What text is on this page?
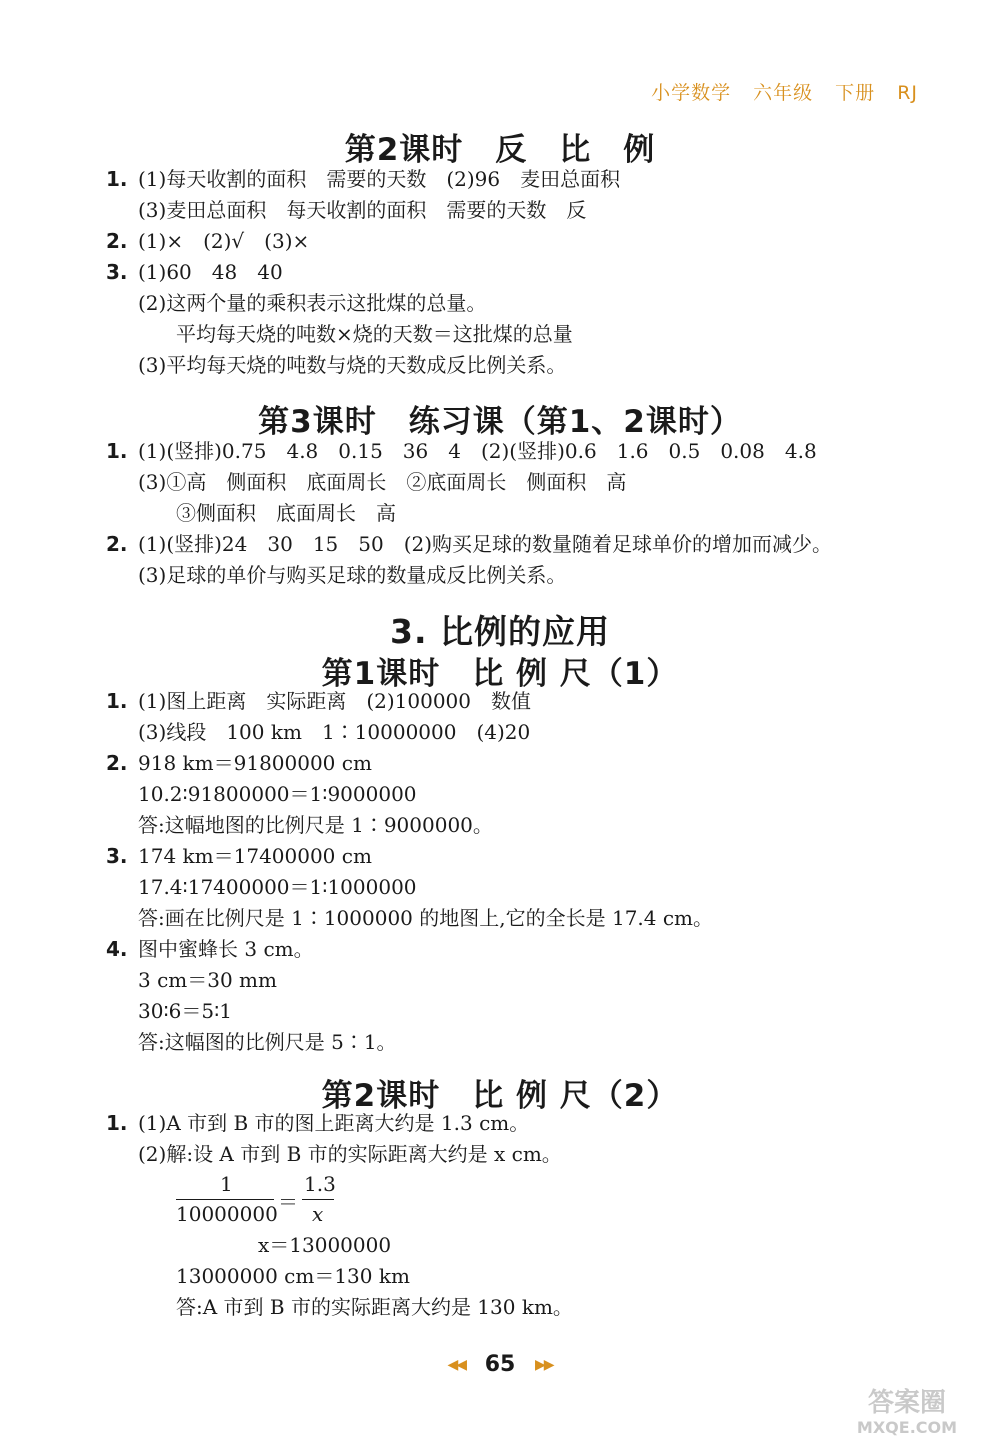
小学数学 六年级 下册 RJ
第2课时　反　比　例
1. (1)每天收割的面积　需要的天数　(2)96　麦田总面积
(3)麦田总面积　每天收割的面积　需要的天数　反
2. (1)×　(2)√　(3)×
3. (1)60　48　40
(2)这两个量的乘积表示这批煤的总量。
平均每天烧的吨数×烧的天数＝这批煤的总量
(3)平均每天烧的吨数与烧的天数成反比例关系。
第3课时　练习课（第1、2课时）
1. (1)(竖排)0.75　4.8　0.15　36　4　(2)(竖排)0.6　1.6　0.5　0.08　4.8
(3)①高　侧面积　底面周长　②底面周长　侧面积　高
③侧面积　底面周长　高
2. (1)(竖排)24　30　15　50　(2)购买足球的数量随着足球单价的增加而减少。
(3)足球的单价与购买足球的数量成反比例关系。
3. 比例的应用
第1课时　比 例 尺（1）
1. (1)图上距离　实际距离　(2)100000　数值
(3)线段　100 km　1∶10000000　(4)20
2. 918 km＝91800000 cm
10.2∶91800000＝1∶9000000
答:这幅地图的比例尺是 1∶9000000。
3. 174 km＝17400000 cm
17.4∶17400000＝1∶1000000
答:画在比例尺是 1∶1000000 的地图上,它的全长是 17.4 cm。
4. 图中蜜蜂长 3 cm。
3 cm＝30 mm
30∶6＝5∶1
答:这幅图的比例尺是 5∶1。
第2课时　比 例 尺（2）
1. (1)A 市到 B 市的图上距离大约是 1.3 cm。
(2)解:设 A 市到 B 市的实际距离大约是 x cm。
1
10000000 ＝
1.3
x
x＝13000000
13000000 cm＝130 km
答:A 市到 B 市的实际距离大约是 130 km。
◀◀ 65 ▶▶
答案圈
MXQE.COM
